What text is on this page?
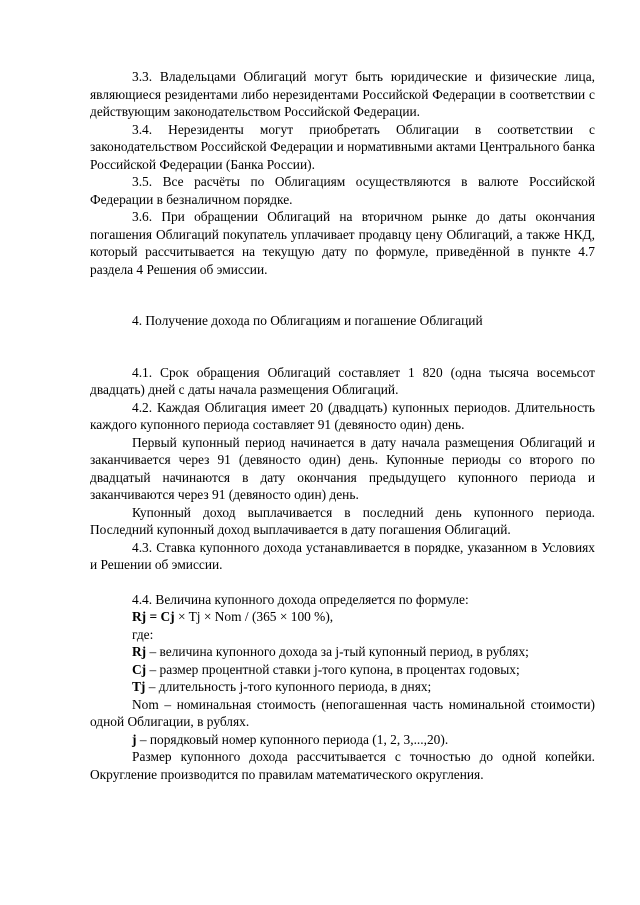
3.3. Владельцами Облигаций могут быть юридические и физические лица, являющиеся резидентами либо нерезидентами Российской Федерации в соответствии с действующим законодательством Российской Федерации.

3.4. Нерезиденты могут приобретать Облигации в соответствии с законодательством Российской Федерации и нормативными актами Центрального банка Российской Федерации (Банка России).

3.5. Все расчёты по Облигациям осуществляются в валюте Российской Федерации в безналичном порядке.

3.6. При обращении Облигаций на вторичном рынке до даты окончания погашения Облигаций покупатель уплачивает продавцу цену Облигаций, а также НКД, который рассчитывается на текущую дату по формуле, приведённой в пункте 4.7 раздела 4 Решения об эмиссии.

4. Получение дохода по Облигациям и погашение Облигаций

4.1. Срок обращения Облигаций составляет 1 820 (одна тысяча восемьсот двадцать) дней с даты начала размещения Облигаций.

4.2. Каждая Облигация имеет 20 (двадцать) купонных периодов. Длительность каждого купонного периода составляет 91 (девяносто один) день.

Первый купонный период начинается в дату начала размещения Облигаций и заканчивается через 91 (девяносто один) день. Купонные периоды со второго по двадцатый начинаются в дату окончания предыдущего купонного периода и заканчиваются через 91 (девяносто один) день.

Купонный доход выплачивается в последний день купонного периода. Последний купонный доход выплачивается в дату погашения Облигаций.

4.3. Ставка купонного дохода устанавливается в порядке, указанном в Условиях и Решении об эмиссии.

4.4. Величина купонного дохода определяется по формуле:

Rj = Cj × Tj × Nom / (365 × 100 %),

где:

Rj – величина купонного дохода за j-тый купонный период, в рублях;

Cj – размер процентной ставки j-того купона, в процентах годовых;

Tj – длительность j-того купонного периода, в днях;

Nom – номинальная стоимость (непогашенная часть номинальной стоимости) одной Облигации, в рублях.

j – порядковый номер купонного периода (1, 2, 3,...,20).

Размер купонного дохода рассчитывается с точностью до одной копейки. Округление производится по правилам математического округления.
